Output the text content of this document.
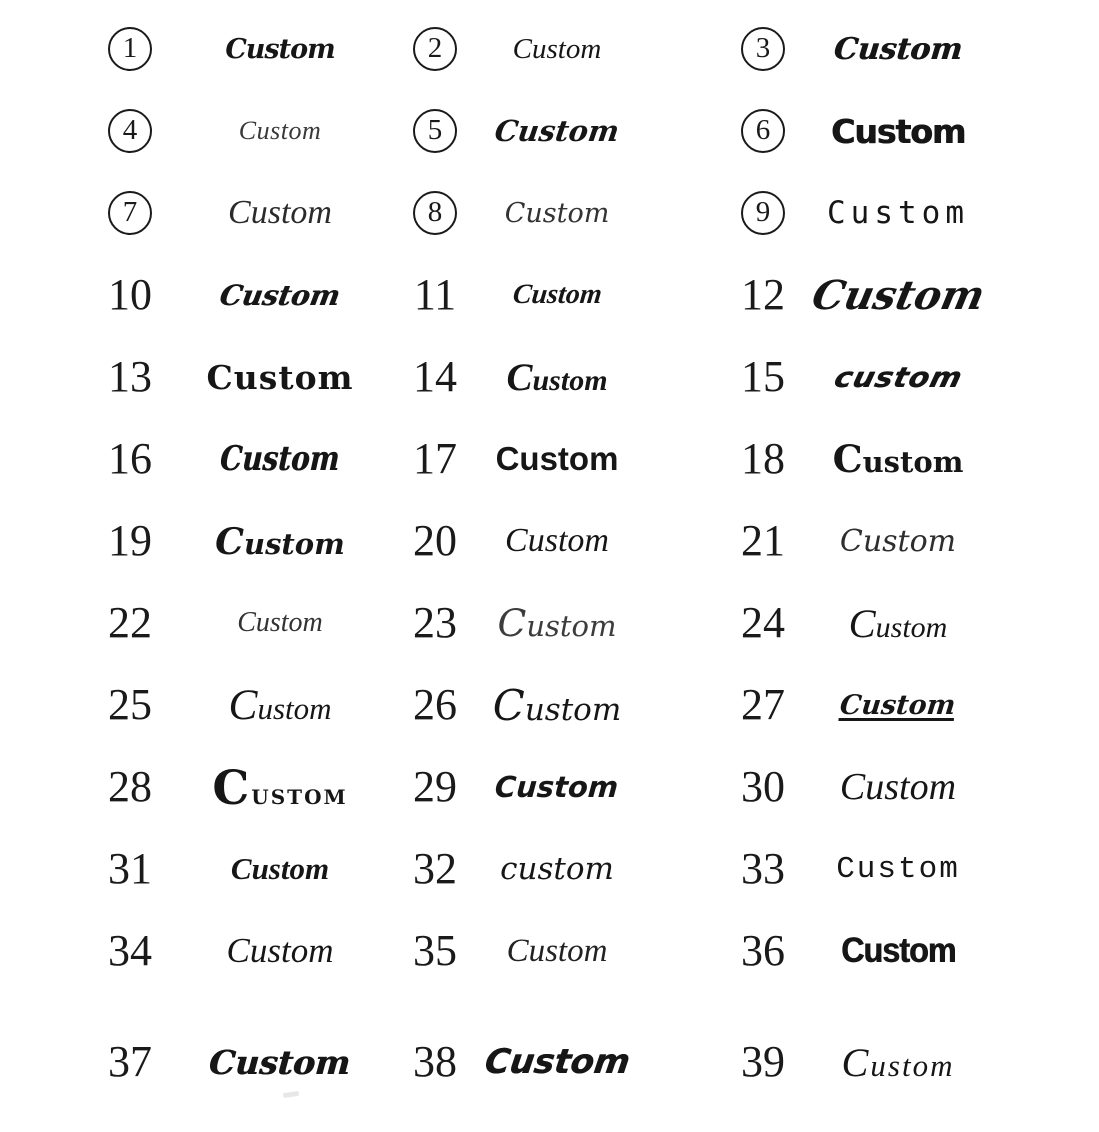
1	Custom	2	Custom	3	Custom
4	Custom	5	Custom	6	Custom
7	Custom	8	Custom	9	Custom
10 Custom 11 Custom	12 Custom
13 Custom 14 Custom	15 custom
16 Custom 17 Custom	18 Custom
19 Custom 20 Custom	21 Custom
22	Custom 23 Custom	24 Custom
25 Custom 26 Custom	27 Custom
28 Custom 29 Custom	30 Custom
31	Custom 32 custom	33 Custom
34 Custom 35 Custom	36 Custom
37 Custom 38 Custom 39 Custom
